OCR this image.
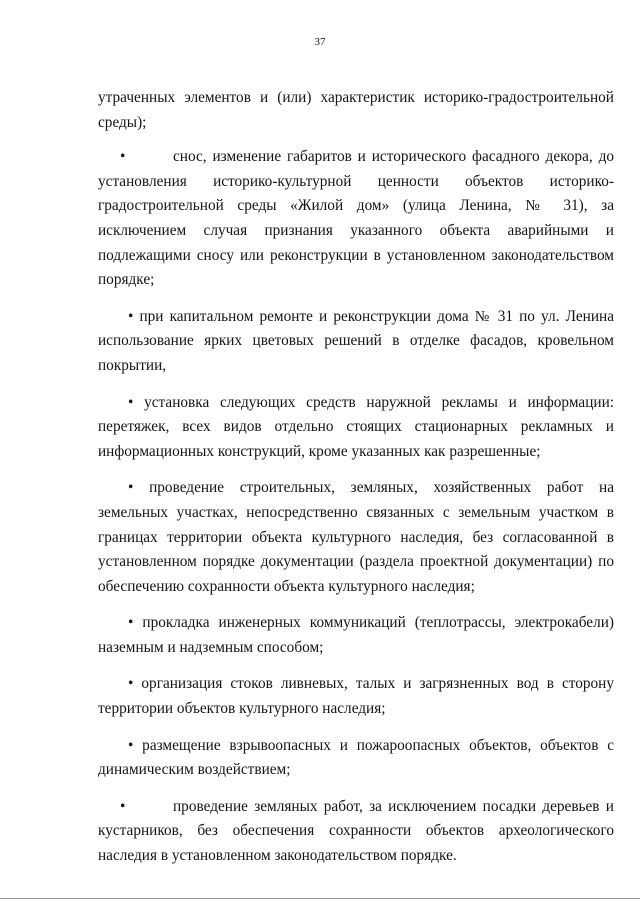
37

утраченных элементов и (или) характеристик историко-градостроительной среды);

•	снос, изменение габаритов и исторического фасадного декора, до установления историко-культурной ценности объектов историко-градостроительной среды «Жилой дом» (улица Ленина, № 31), за исключением случая признания указанного объекта аварийными и подлежащими сносу или реконструкции в установленном законодательством порядке;

• при капитальном ремонте и реконструкции дома № 31 по ул. Ленина использование ярких цветовых решений в отделке фасадов, кровельном покрытии,

• установка следующих средств наружной рекламы и информации: перетяжек, всех видов отдельно стоящих стационарных рекламных и информационных конструкций, кроме указанных как разрешенные;

• проведение строительных, земляных, хозяйственных работ на земельных участках, непосредственно связанных с земельным участком в границах территории объекта культурного наследия, без согласованной в установленном порядке документации (раздела проектной документации) по обеспечению сохранности объекта культурного наследия;

• прокладка инженерных коммуникаций (теплотрассы, электрокабели) наземным и надземным способом;

• организация стоков ливневых, талых и загрязненных вод в сторону территории объектов культурного наследия;

• размещение взрывоопасных и пожароопасных объектов, объектов с динамическим воздействием;

•	проведение земляных работ, за исключением посадки деревьев и кустарников, без обеспечения сохранности объектов археологического наследия в установленном законодательством порядке.
